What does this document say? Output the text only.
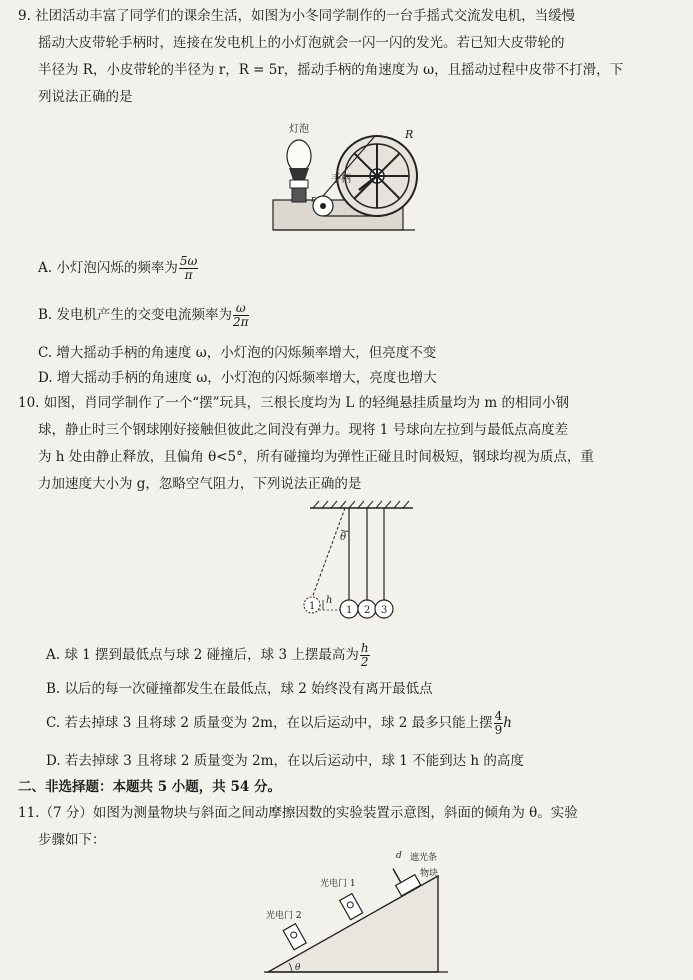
9. 社团活动丰富了同学们的课余生活，如图为小冬同学制作的一台手摇式交流发电机，当缓慢
摇动大皮带轮手柄时，连接在发电机上的小灯泡就会一闪一闪的发光。若已知大皮带轮的
半径为 R，小皮带轮的半径为 r，R = 5r，摇动手柄的角速度为 ω，且摇动过程中皮带不打滑，下
列说法正确的是
灯泡
手柄
R
r
A. 小灯泡闪烁的频率为 $\frac{5\omega}{\pi}$
B. 发电机产生的交变电流频率为 $\frac{\omega}{2\pi}$
C. 增大摇动手柄的角速度 ω，小灯泡的闪烁频率增大，但亮度不变
D. 增大摇动手柄的角速度 ω，小灯泡的闪烁频率增大，亮度也增大
10. 如图，肖同学制作了一个“摆”玩具，三根长度均为 L 的轻绳悬挂质量均为 m 的相同小钢
球，静止时三个钢球刚好接触但彼此之间没有弹力。现将 1 号球向左拉到与最低点高度差
为 h 处由静止释放，且偏角 θ<5°，所有碰撞均为弹性正碰且时间极短，钢球均视为质点，重
力加速度大小为 g，忽略空气阻力，下列说法正确的是
θ
h
1	1 2 3
A. 球 1 摆到最低点与球 2 碰撞后，球 3 上摆最高为 $\frac{h}{2}$
B. 以后的每一次碰撞都发生在最低点，球 2 始终没有离开最低点
C. 若去掉球 3 且将球 2 质量变为 2m，在以后运动中，球 2 最多只能上摆 $\frac{4}{9}$ h
D. 若去掉球 3 且将球 2 质量变为 2m，在以后运动中，球 1 不能到达 h 的高度
二、非选择题：本题共 5 小题，共 54 分。
11.（7 分）如图为测量物块与斜面之间动摩擦因数的实验装置示意图，斜面的倾角为 θ。实验
步骤如下：
θ
光电门 2
光电门 1
遮光条
物块
d
